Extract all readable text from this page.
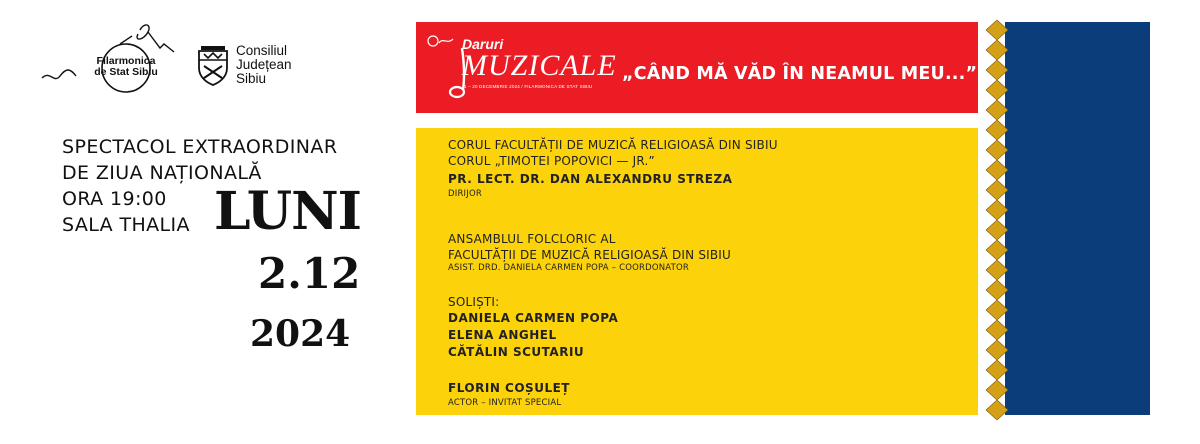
Filarmonica
de Stat Sibiu
Consiliul
Județean
Sibiu
SPECTACOL EXTRAORDINAR
DE ZIUA NAȚIONALĂ
ORA 19:00
SALA THALIA LUNI
2.12
2024
Daruri
MUZICALE
1 – 20 DECEMBRIE 2024 / FILARMONICA DE STAT SIBIU
„CÂND MĂ VĂD ÎN NEAMUL MEU...”
CORUL FACULTĂȚII DE MUZICĂ RELIGIOASĂ DIN SIBIU
CORUL „TIMOTEI POPOVICI — JR.”
PR. LECT. DR. DAN ALEXANDRU STREZA
DIRIJOR
ANSAMBLUL FOLCLORIC AL
FACULTĂȚII DE MUZICĂ RELIGIOASĂ DIN SIBIU
ASIST. DRD. DANIELA CARMEN POPA – COORDONATOR
SOLIȘTI:
DANIELA CARMEN POPA
ELENA ANGHEL
CĂTĂLIN SCUTARIU
FLORIN COȘULEȚ
ACTOR – INVITAT SPECIAL
